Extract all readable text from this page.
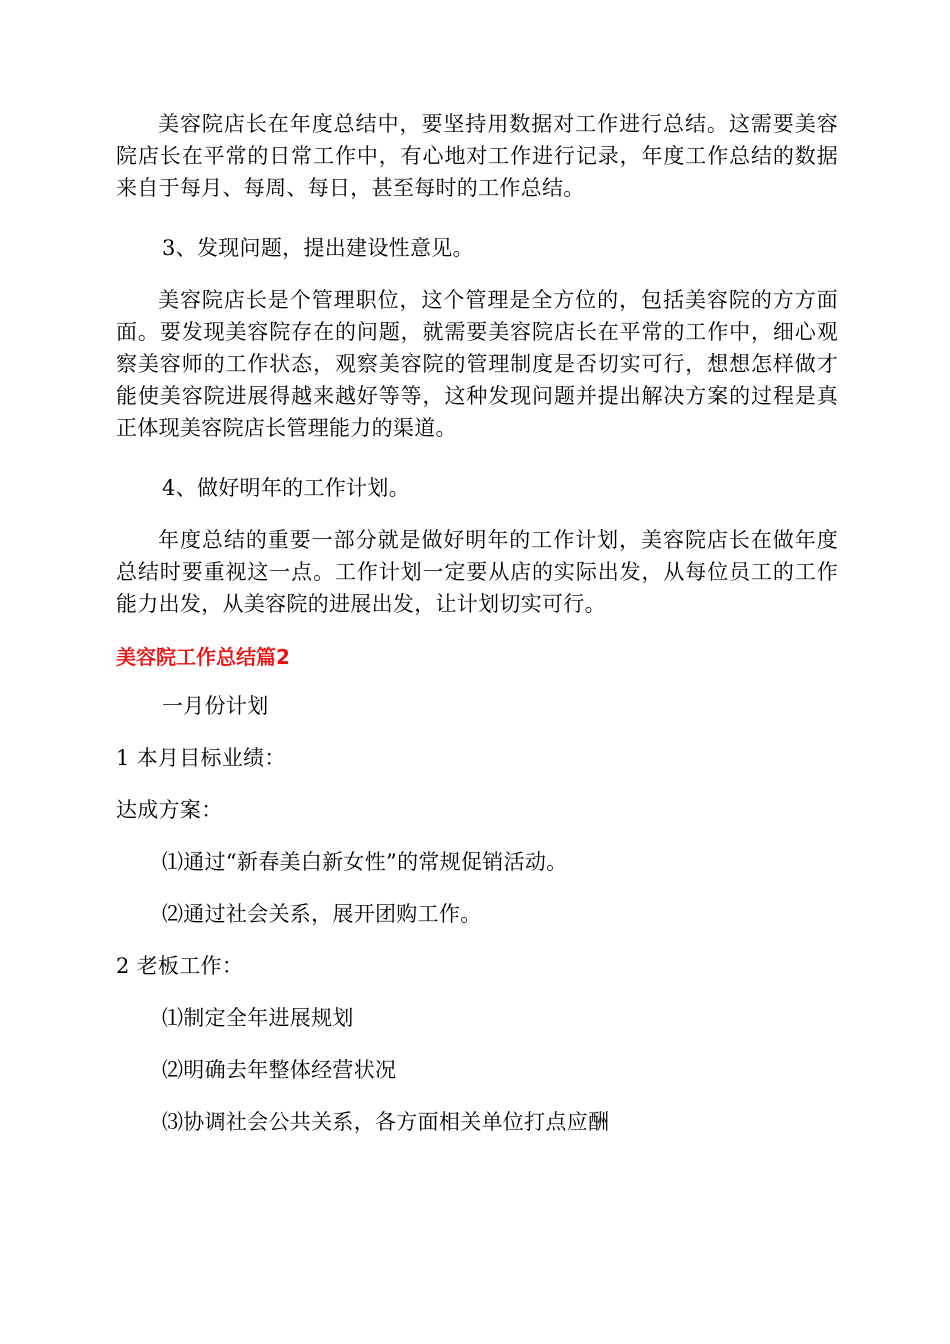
美容院店长在年度总结中，要坚持用数据对工作进行总结。这需要美容院店长在平常的日常工作中，有心地对工作进行记录，年度工作总结的数据来自于每月、每周、每日，甚至每时的工作总结。

3、发现问题，提出建设性意见。

美容院店长是个管理职位，这个管理是全方位的，包括美容院的方方面面。要发现美容院存在的问题，就需要美容院店长在平常的工作中，细心观察美容师的工作状态，观察美容院的管理制度是否切实可行，想想怎样做才能使美容院进展得越来越好等等，这种发现问题并提出解决方案的过程是真正体现美容院店长管理能力的渠道。

4、做好明年的工作计划。

年度总结的重要一部分就是做好明年的工作计划，美容院店长在做年度总结时要重视这一点。工作计划一定要从店的实际出发，从每位员工的工作能力出发，从美容院的进展出发，让计划切实可行。

美容院工作总结篇2

一月份计划

1 本月目标业绩：

达成方案：

⑴通过“新春美白新女性”的常规促销活动。

⑵通过社会关系，展开团购工作。

2 老板工作：

⑴制定全年进展规划

⑵明确去年整体经营状况

⑶协调社会公共关系，各方面相关单位打点应酬
